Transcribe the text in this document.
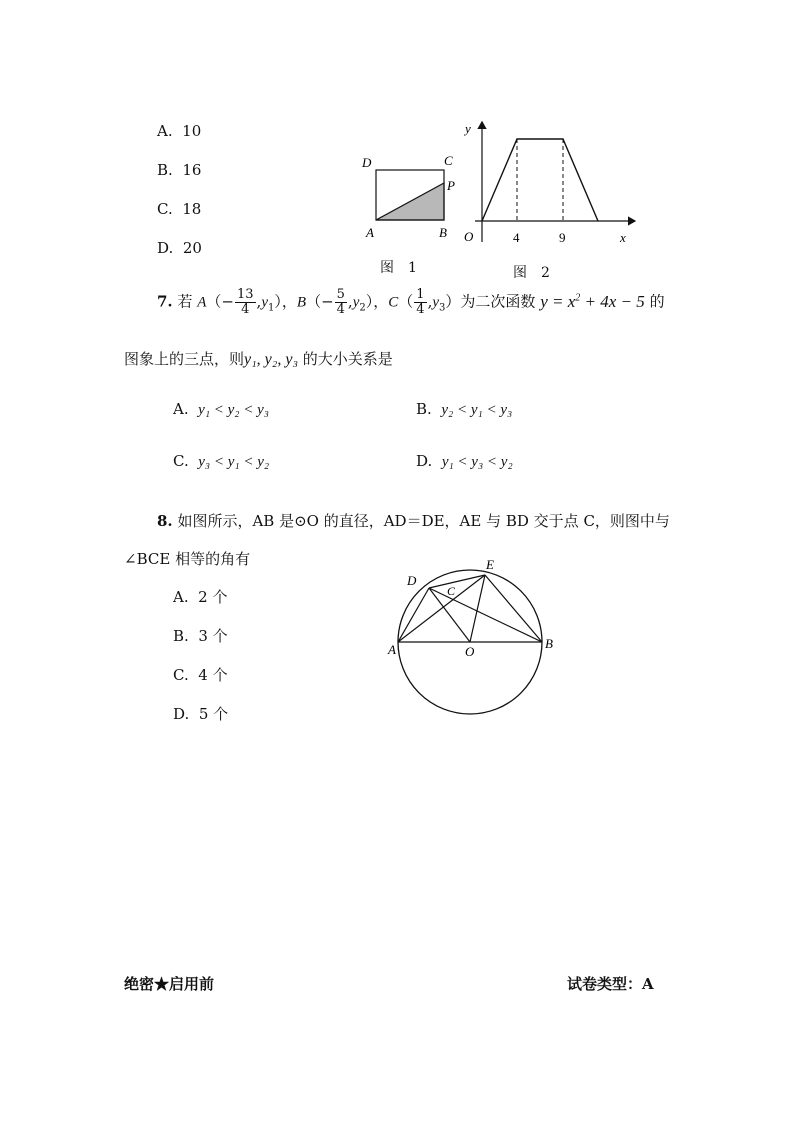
A. 10
B. 16
C. 18
D. 20
D	C
P
A	B
图　1
y
x
O	4	9
图　2
7. 若 $A(- \frac{13}{4} ,y_1)$，$B(- \frac{5}{4} ,y_2)$，$C( \frac{1}{4} ,y_3)$为二次函数 $y = x^2 + 4x - 5$ 的
图象上的三点，则y₁, y₂, y₃ 的大小关系是
A. y₁ < y₂ < y₃	B. y₂ < y₁ < y₃
C. y₃ < y₁ < y₂	D. y₁ < y₃ < y₂
8. 如图所示，AB 是⊙O 的直径，AD＝DE，AE 与 BD 交于点 C，则图中与
∠BCE 相等的角有
A. 2 个
B. 3 个
C. 4 个
D. 5 个
D
E
C
A	B
O
绝密★启用前	试卷类型：A
